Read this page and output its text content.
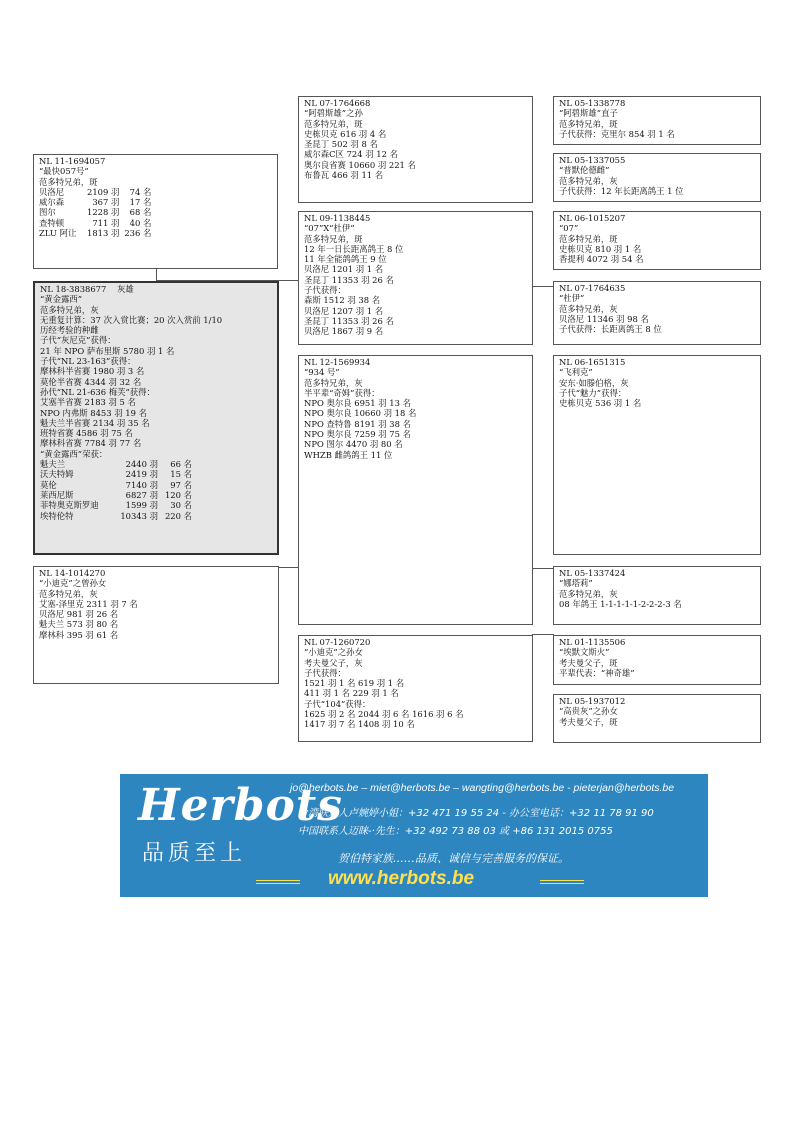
NL 11-1694057
“最快057号”
范多特兄弟，斑
贝洛尼	2109 羽	74 名
威尔森	367 羽	17 名
图尔	1228 羽	68 名
查特顿	711 羽	40 名
ZLU 阿让	1813 羽	236 名
NL 18-3838677 灰雄
“黄金露西”
范多特兄弟，灰
无重复计算：37 次入赏比赛；20 次入赏前 1/10
历经考验的种雌
子代“灰尼克”获得：
21 年 NPO 萨布里斯 5780 羽 1 名
子代“NL 23-163”获得：
摩林科半省赛 1980 羽 3 名
莫伦半省赛 4344 羽 32 名
孙代“NL 21-636 梅芙”获得：
艾塞半省赛 2183 羽 5 名
NPO 内弗斯 8453 羽 19 名
魁夫兰半省赛 2134 羽 35 名
班特省赛 4586 羽 75 名
摩林科省赛 7784 羽 77 名
“黄金露西”荣获：
魁夫兰	2440 羽	66 名
沃夫特姆	2419 羽	15 名
莫伦	7140 羽	97 名
莱西尼斯	6827 羽	120 名
菲特奥克斯罗迪	1599 羽	30 名
埃特伦特	10343 羽	220 名
NL 14-1014270
“小迪克”之曾孙女
范多特兄弟，灰
艾塞-泽里克 2311 羽 7 名
贝洛尼 981 羽 26 名
魁夫兰 573 羽 80 名
摩林科 395 羽 61 名
NL 07-1764668
“阿碧斯雄”之孙
范多特兄弟，斑
史栋贝克 616 羽 4 名
圣昆丁 502 羽 8 名
威尔森C区 724 羽 12 名
奥尔良省赛 10660 羽 221 名
布鲁瓦 466 羽 11 名
NL 09-1138445
“07”X“杜伊”
范多特兄弟，斑
12 年一日长距离鸽王 8 位
11 年全能鸽鸽王 9 位
贝洛尼 1201 羽 1 名
圣昆丁 11353 羽 26 名
子代获得：
森斯 1512 羽 38 名
贝洛尼 1207 羽 1 名
圣昆丁 11353 羽 26 名
贝洛尼 1867 羽 9 名
NL 12-1569934
“934 号”
范多特兄弟，灰
半平辈“奇姆”获得：
NPO 奥尔良 6951 羽 13 名
NPO 奥尔良 10660 羽 18 名
NPO 查特鲁 8191 羽 38 名
NPO 奥尔良 7259 羽 75 名
NPO 图尔 4470 羽 80 名
WHZB 雌鸽鸽王 11 位
NL 07-1260720
“小迪克”之孙女
考夫曼父子，灰
子代获得：
1521 羽 1 名 619 羽 1 名
411 羽 1 名 229 羽 1 名
子代“104”获得：
1625 羽 2 名 2044 羽 6 名 1616 羽 6 名
1417 羽 7 名 1408 羽 10 名
NL 05-1338778
“阿碧斯雄”直子
范多特兄弟，斑
子代获得：克里尔 854 羽 1 名
NL 05-1337055
“普默伦德雌”
范多特兄弟，灰
子代获得：12 年长距离鸽王 1 位
NL 06-1015207
“07”
范多特兄弟，斑
史栋贝克 810 羽 1 名
香提利 4072 羽 54 名
NL 07-1764635
“杜伊”
范多特兄弟，灰
贝洛尼 11346 羽 98 名
子代获得：长距离鸽王 8 位
NL 06-1651315
“飞利克”
安东·如滕伯格，灰
子代“魅力”获得：
史栋贝克 536 羽 1 名
NL 05-1337424
“娜塔莉”
范多特兄弟，灰
08 年鸽王 1-1-1-1-1-2-2-2-3 名
NL 01-1135506
“埃默文斯火”
考夫曼父子，斑
平辈代表：“神奇雄”
NL 05-1937012
“高贵灰”之孙女
考夫曼父子，斑
Herbots
品质至上
jo@herbots.be – miet@herbots.be – wangting@herbots.be - pieterjan@herbots.be
台湾联系人卢婉婷小姐：+32 471 19 55 24 - 办公室电话：+32 11 78 91 90
中国联系人迈睐-·先生：+32 492 73 88 03 或 +86 131 2015 0755
贺伯特家族……品质、诚信与完善服务的保证。
www.herbots.be
